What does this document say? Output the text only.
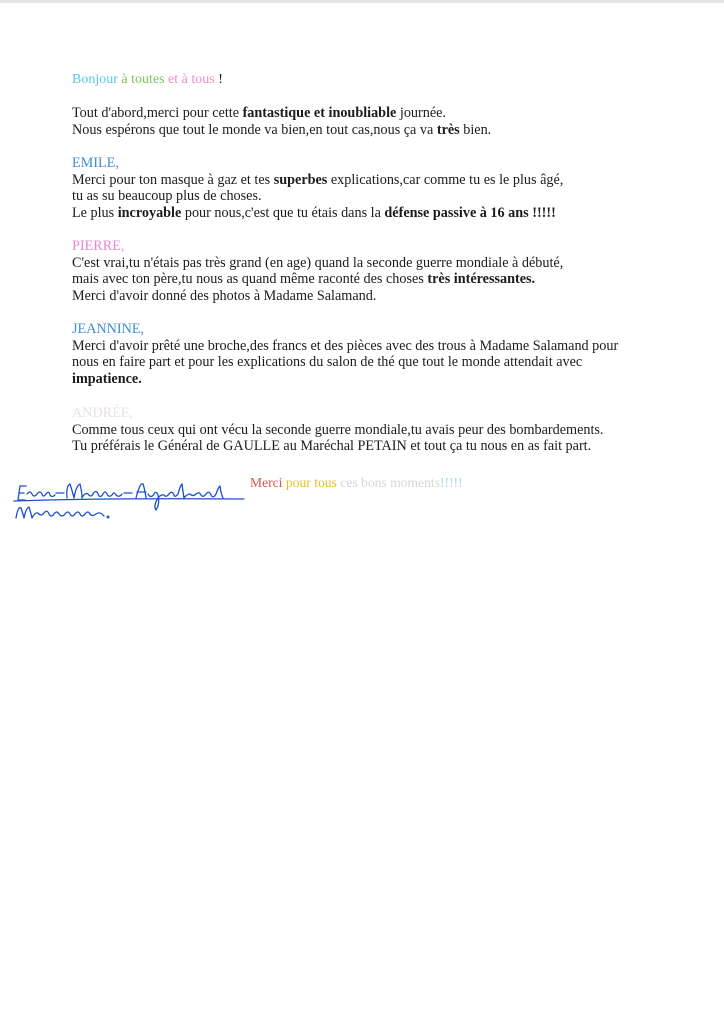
Bonjour à toutes et à tous !
Tout d'abord,merci pour cette fantastique et inoubliable journée.
Nous espérons que tout le monde va bien,en tout cas,nous ça va très bien.
EMILE,
Merci pour ton masque à gaz et tes superbes explications,car comme tu es le plus âgé,
tu as su beaucoup plus de choses.
Le plus incroyable pour nous,c'est que tu étais dans la défense passive à 16 ans !!!!!
PIERRE,
C'est vrai,tu n'étais pas très grand (en age) quand la seconde guerre mondiale à débuté,
mais avec ton père,tu nous as quand même raconté des choses très intéressantes.
Merci d'avoir donné des photos à Madame Salamand.
JEANNINE,
Merci d'avoir prêté une broche,des francs et des pièces avec des trous à Madame Salamand pour
nous en faire part et pour les explications du salon de thé que tout le monde attendait avec
impatience.
ANDRÉE,
Comme tous ceux qui ont vécu la seconde guerre mondiale,tu avais peur des bombardements.
Tu préférais le Général de GAULLE au Maréchal PETAIN et tout ça tu nous en as fait part.
Merci pour tous ces bons moments!!!!!
